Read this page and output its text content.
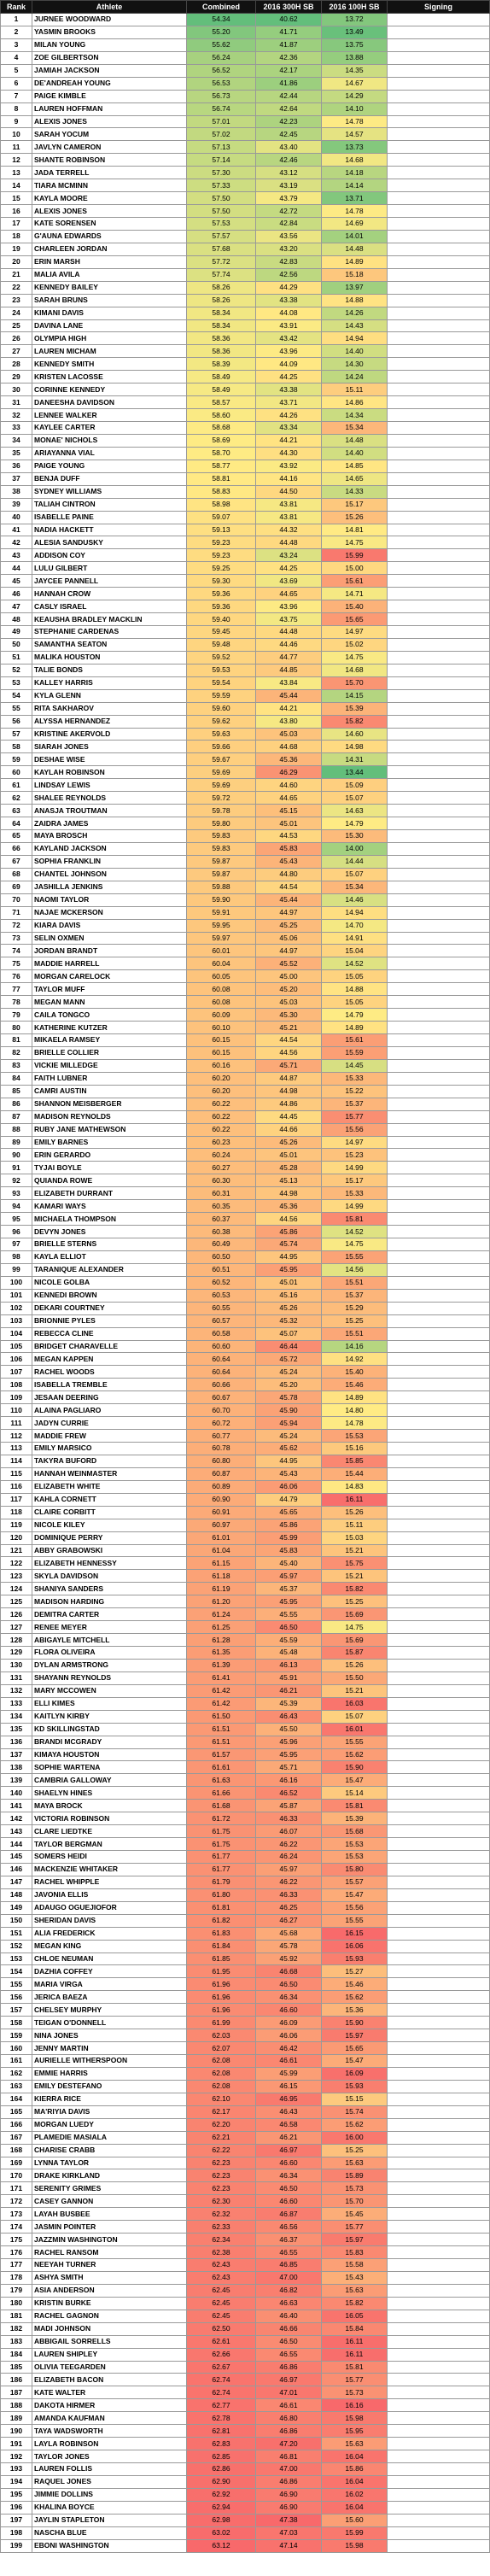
Rank	Athlete	Combined	2016 300H SB	2016 100H SB	Signing
1	JURNEE WOODWARD	54.34	40.62	13.72	
2	YASMIN BROOKS	55.20	41.71	13.49	
3	MILAN YOUNG	55.62	41.87	13.75	
4	ZOE GILBERTSON	56.24	42.36	13.88	
5	JAMIAH JACKSON	56.52	42.17	14.35	
6	DE'ANDREAH YOUNG	56.53	41.86	14.67	
7	PAIGE KIMBLE	56.73	42.44	14.29	
8	LAUREN HOFFMAN	56.74	42.64	14.10	
9	ALEXIS JONES	57.01	42.23	14.78	
10	SARAH YOCUM	57.02	42.45	14.57	
11	JAVLYN CAMERON	57.13	43.40	13.73	
12	SHANTE ROBINSON	57.14	42.46	14.68	
13	JADA TERRELL	57.30	43.12	14.18	
14	TIARA MCMINN	57.33	43.19	14.14	
15	KAYLA MOORE	57.50	43.79	13.71	
16	ALEXIS JONES	57.50	42.72	14.78	
17	KATE SORENSEN	57.53	42.84	14.69	
18	G'AUNA EDWARDS	57.57	43.56	14.01	
19	CHARLEEN JORDAN	57.68	43.20	14.48	
20	ERIN MARSH	57.72	42.83	14.89	
21	MALIA AVILA	57.74	42.56	15.18	
22	KENNEDY BAILEY	58.26	44.29	13.97	
23	SARAH BRUNS	58.26	43.38	14.88	
24	KIMANI DAVIS	58.34	44.08	14.26	
25	DAVINA LANE	58.34	43.91	14.43	
26	OLYMPIA HIGH	58.36	43.42	14.94	
27	LAUREN MICHAM	58.36	43.96	14.40	
28	KENNEDY SMITH	58.39	44.09	14.30	
29	KRISTEN LACOSSE	58.49	44.25	14.24	
30	CORINNE KENNEDY	58.49	43.38	15.11	
31	DANEESHA DAVIDSON	58.57	43.71	14.86	
32	LENNEE WALKER	58.60	44.26	14.34	
33	KAYLEE CARTER	58.68	43.34	15.34	
34	MONAE' NICHOLS	58.69	44.21	14.48	
35	ARIAYANNA VIAL	58.70	44.30	14.40	
36	PAIGE YOUNG	58.77	43.92	14.85	
37	BENJA DUFF	58.81	44.16	14.65	
38	SYDNEY WILLIAMS	58.83	44.50	14.33	
39	TALIAH CINTRON	58.98	43.81	15.17	
40	ISABELLE PAINE	59.07	43.81	15.26	
41	NADIA HACKETT	59.13	44.32	14.81	
42	ALESIA SANDUSKY	59.23	44.48	14.75	
43	ADDISON COY	59.23	43.24	15.99	
44	LULU GILBERT	59.25	44.25	15.00	
45	JAYCEE PANNELL	59.30	43.69	15.61	
46	HANNAH CROW	59.36	44.65	14.71	
47	CASLY ISRAEL	59.36	43.96	15.40	
48	KEAUSHA BRADLEY MACKLIN	59.40	43.75	15.65	
49	STEPHANIE CARDENAS	59.45	44.48	14.97	
50	SAMANTHA SEATON	59.48	44.46	15.02	
51	MALIKA HOUSTON	59.52	44.77	14.75	
52	TALIE BONDS	59.53	44.85	14.68	
53	KALLEY HARRIS	59.54	43.84	15.70	
54	KYLA GLENN	59.59	45.44	14.15	
55	RITA SAKHAROV	59.60	44.21	15.39	
56	ALYSSA HERNANDEZ	59.62	43.80	15.82	
57	KRISTINE AKERVOLD	59.63	45.03	14.60	
58	SIARAH JONES	59.66	44.68	14.98	
59	DESHAE WISE	59.67	45.36	14.31	
60	KAYLAH ROBINSON	59.69	46.29	13.44	
61	LINDSAY LEWIS	59.69	44.60	15.09	
62	SHALEE REYNOLDS	59.72	44.65	15.07	
63	ANASJA TROUTMAN	59.78	45.15	14.63	
64	ZAIDRA JAMES	59.80	45.01	14.79	
65	MAYA BROSCH	59.83	44.53	15.30	
66	KAYLAND JACKSON	59.83	45.83	14.00	
67	SOPHIA FRANKLIN	59.87	45.43	14.44	
68	CHANTEL JOHNSON	59.87	44.80	15.07	
69	JASHILLA JENKINS	59.88	44.54	15.34	
70	NAOMI TAYLOR	59.90	45.44	14.46	
71	NAJAE MCKERSON	59.91	44.97	14.94	
72	KIARA DAVIS	59.95	45.25	14.70	
73	SELIN OXMEN	59.97	45.06	14.91	
74	JORDAN BRANDT	60.01	44.97	15.04	
75	MADDIE HARRELL	60.04	45.52	14.52	
76	MORGAN CARELOCK	60.05	45.00	15.05	
77	TAYLOR MUFF	60.08	45.20	14.88	
78	MEGAN MANN	60.08	45.03	15.05	
79	CAILA TONGCO	60.09	45.30	14.79	
80	KATHERINE KUTZER	60.10	45.21	14.89	
81	MIKAELA RAMSEY	60.15	44.54	15.61	
82	BRIELLE COLLIER	60.15	44.56	15.59	
83	VICKIE MILLEDGE	60.16	45.71	14.45	
84	FAITH LUBNER	60.20	44.87	15.33	
85	CAMRI AUSTIN	60.20	44.98	15.22	
86	SHANNON MEISBERGER	60.22	44.86	15.37	
87	MADISON REYNOLDS	60.22	44.45	15.77	
88	RUBY JANE MATHEWSON	60.22	44.66	15.56	
89	EMILY BARNES	60.23	45.26	14.97	
90	ERIN GERARDO	60.24	45.01	15.23	
91	TYJAI BOYLE	60.27	45.28	14.99	
92	QUIANDA ROWE	60.30	45.13	15.17	
93	ELIZABETH DURRANT	60.31	44.98	15.33	
94	KAMARI WAYS	60.35	45.36	14.99	
95	MICHAELA THOMPSON	60.37	44.56	15.81	
96	DEVYN JONES	60.38	45.86	14.52	
97	BRIELLE STERNS	60.49	45.74	14.75	
98	KAYLA ELLIOT	60.50	44.95	15.55	
99	TARANIQUE ALEXANDER	60.51	45.95	14.56	
100	NICOLE GOLBA	60.52	45.01	15.51	
101	KENNEDI BROWN	60.53	45.16	15.37	
102	DEKARI COURTNEY	60.55	45.26	15.29	
103	BRIONNIE PYLES	60.57	45.32	15.25	
104	REBECCA CLINE	60.58	45.07	15.51	
105	BRIDGET CHARAVELLE	60.60	46.44	14.16	
106	MEGAN KAPPEN	60.64	45.72	14.92	
107	RACHEL WOODS	60.64	45.24	15.40	
108	ISABELLA TREMBLE	60.66	45.20	15.46	
109	JESAAN DEERING	60.67	45.78	14.89	
110	ALAINA PAGLIARO	60.70	45.90	14.80	
111	JADYN CURRIE	60.72	45.94	14.78	
112	MADDIE FREW	60.77	45.24	15.53	
113	EMILY MARSICO	60.78	45.62	15.16	
114	TAKYRA BUFORD	60.80	44.95	15.85	
115	HANNAH WEINMASTER	60.87	45.43	15.44	
116	ELIZABETH WHITE	60.89	46.06	14.83	
117	KAHLA CORNETT	60.90	44.79	16.11	
118	CLAIRE CORBITT	60.91	45.65	15.26	
119	NICOLE KILEY	60.97	45.86	15.11	
120	DOMINIQUE PERRY	61.01	45.99	15.03	
121	ABBY GRABOWSKI	61.04	45.83	15.21	
122	ELIZABETH HENNESSY	61.15	45.40	15.75	
123	SKYLA DAVIDSON	61.18	45.97	15.21	
124	SHANIYA SANDERS	61.19	45.37	15.82	
125	MADISON HARDING	61.20	45.95	15.25	
126	DEMITRA CARTER	61.24	45.55	15.69	
127	RENEE MEYER	61.25	46.50	14.75	
128	ABIGAYLE MITCHELL	61.28	45.59	15.69	
129	FLORA OLIVEIRA	61.35	45.48	15.87	
130	DYLAN ARMSTRONG	61.39	46.13	15.26	
131	SHAYANN REYNOLDS	61.41	45.91	15.50	
132	MARY MCCOWEN	61.42	46.21	15.21	
133	ELLI KIMES	61.42	45.39	16.03	
134	KAITLYN KIRBY	61.50	46.43	15.07	
135	KD SKILLINGSTAD	61.51	45.50	16.01	
136	BRANDI MCGRADY	61.51	45.96	15.55	
137	KIMAYA HOUSTON	61.57	45.95	15.62	
138	SOPHIE WARTENA	61.61	45.71	15.90	
139	CAMBRIA GALLOWAY	61.63	46.16	15.47	
140	SHAELYN HINES	61.66	46.52	15.14	
141	MAYA BROCK	61.68	45.87	15.81	
142	VICTORIA ROBINSON	61.72	46.33	15.39	
143	CLARE LIEDTKE	61.75	46.07	15.68	
144	TAYLOR BERGMAN	61.75	46.22	15.53	
145	SOMERS HEIDI	61.77	46.24	15.53	
146	MACKENZIE WHITAKER	61.77	45.97	15.80	
147	RACHEL WHIPPLE	61.79	46.22	15.57	
148	JAVONIA ELLIS	61.80	46.33	15.47	
149	ADAUGO OGUEJIOFOR	61.81	46.25	15.56	
150	SHERIDAN DAVIS	61.82	46.27	15.55	
151	ALIA FREDERICK	61.83	45.68	16.15	
152	MEGAN KING	61.84	45.78	16.06	
153	CHLOE NEUMAN	61.85	45.92	15.93	
154	DAZHIA COFFEY	61.95	46.68	15.27	
155	MARIA VIRGA	61.96	46.50	15.46	
156	JERICA BAEZA	61.96	46.34	15.62	
157	CHELSEY MURPHY	61.96	46.60	15.36	
158	TEIGAN O'DONNELL	61.99	46.09	15.90	
159	NINA JONES	62.03	46.06	15.97	
160	JENNY MARTIN	62.07	46.42	15.65	
161	AURIELLE WITHERSPOON	62.08	46.61	15.47	
162	EMMIE HARRIS	62.08	45.99	16.09	
163	EMILY DESTEFANO	62.08	46.15	15.93	
164	KIERRA RICE	62.10	46.95	15.15	
165	MA'RIYIA DAVIS	62.17	46.43	15.74	
166	MORGAN LUEDY	62.20	46.58	15.62	
167	PLAMEDIE MASIALA	62.21	46.21	16.00	
168	CHARISE CRABB	62.22	46.97	15.25	
169	LYNNA TAYLOR	62.23	46.60	15.63	
170	DRAKE KIRKLAND	62.23	46.34	15.89	
171	SERENITY GRIMES	62.23	46.50	15.73	
172	CASEY GANNON	62.30	46.60	15.70	
173	LAYAH BUSBEE	62.32	46.87	15.45	
174	JASMIN POINTER	62.33	46.56	15.77	
175	JAZZMIN WASHINGTON	62.34	46.37	15.97	
176	RACHEL RANSOM	62.38	46.55	15.83	
177	NEEYAH TURNER	62.43	46.85	15.58	
178	ASHYA SMITH	62.43	47.00	15.43	
179	ASIA ANDERSON	62.45	46.82	15.63	
180	KRISTIN BURKE	62.45	46.63	15.82	
181	RACHEL GAGNON	62.45	46.40	16.05	
182	MADI JOHNSON	62.50	46.66	15.84	
183	ABBIGAIL SORRELLS	62.61	46.50	16.11	
184	LAUREN SHIPLEY	62.66	46.55	16.11	
185	OLIVIA TEEGARDEN	62.67	46.86	15.81	
186	ELIZABETH BACON	62.74	46.97	15.77	
187	KATE WALTER	62.74	47.01	15.73	
188	DAKOTA HIRMER	62.77	46.61	16.16	
189	AMANDA KAUFMAN	62.78	46.80	15.98	
190	TAYA WADSWORTH	62.81	46.86	15.95	
191	LAYLA ROBINSON	62.83	47.20	15.63	
192	TAYLOR JONES	62.85	46.81	16.04	
193	LAUREN FOLLIS	62.86	47.00	15.86	
194	RAQUEL JONES	62.90	46.86	16.04	
195	JIMMIE DOLLINS	62.92	46.90	16.02	
196	KHALINA BOYCE	62.94	46.90	16.04	
197	JAYLIN STAPLETON	62.98	47.38	15.60	
198	NASCHA BLUE	63.02	47.03	15.99	
199	EBONI WASHINGTON	63.12	47.14	15.98	
